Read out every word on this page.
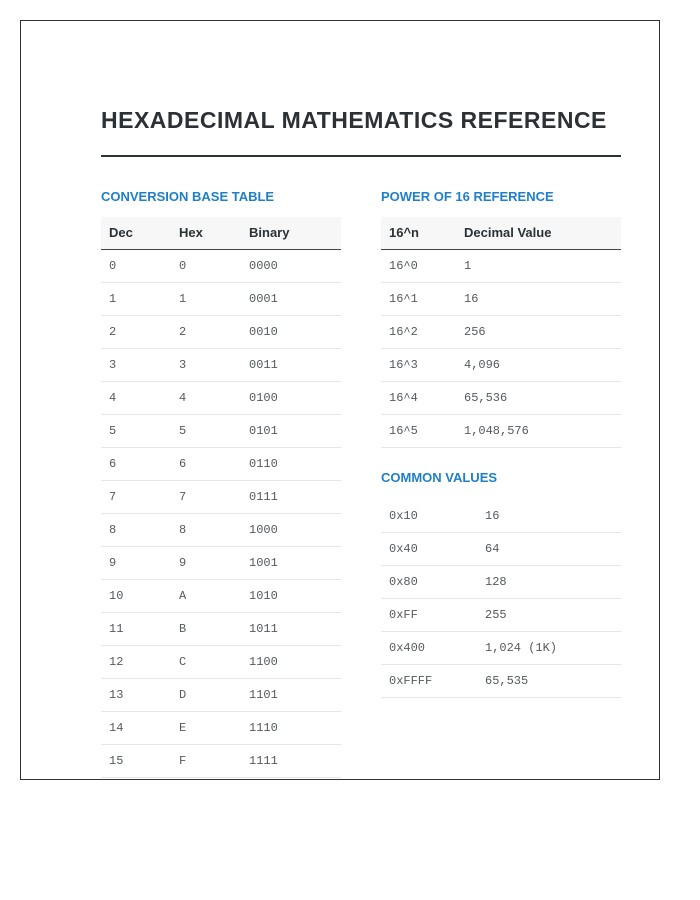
HEXADECIMAL MATHEMATICS REFERENCE
CONVERSION BASE TABLE
Dec	Hex	Binary
0	0	0000
1	1	0001
2	2	0010
3	3	0011
4	4	0100
5	5	0101
6	6	0110
7	7	0111
8	8	1000
9	9	1001
10	A	1010
11	B	1011
12	C	1100
13	D	1101
14	E	1110
15	F	1111
POWER OF 16 REFERENCE
16^n	Decimal Value
16^0	1
16^1	16
16^2	256
16^3	4,096
16^4	65,536
16^5	1,048,576
COMMON VALUES
0x10	16
0x40	64
0x80	128
0xFF	255
0x400	1,024 (1K)
0xFFFF	65,535
